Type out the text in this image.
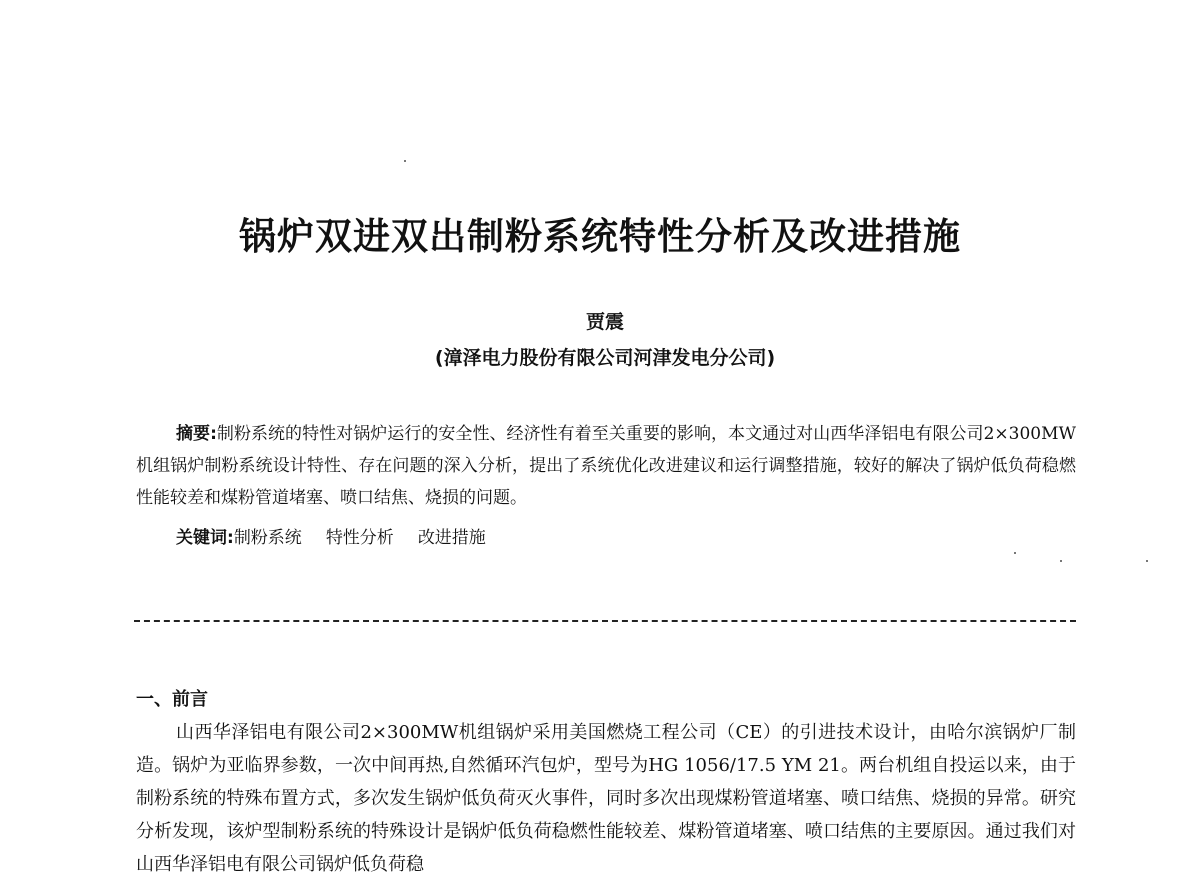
锅炉双进双出制粉系统特性分析及改进措施
贾震
(漳泽电力股份有限公司河津发电分公司)

摘要:制粉系统的特性对锅炉运行的安全性、经济性有着至关重要的影响，本文通过对山西华泽铝电有限公司2×300MW机组锅炉制粉系统设计特性、存在问题的深入分析，提出了系统优化改进建议和运行调整措施，较好的解决了锅炉低负荷稳燃性能较差和煤粉管道堵塞、喷口结焦、烧损的问题。

关键词:制粉系统 特性分析 改进措施

一、前言

山西华泽铝电有限公司2×300MW机组锅炉采用美国燃烧工程公司（CE）的引进技术设计，由哈尔滨锅炉厂制造。锅炉为亚临界参数，一次中间再热,自然循环汽包炉，型号为HG 1056/17.5 YM 21。两台机组自投运以来，由于制粉系统的特殊布置方式，多次发生锅炉低负荷灭火事件，同时多次出现煤粉管道堵塞、喷口结焦、烧损的异常。研究分析发现，该炉型制粉系统的特殊设计是锅炉低负荷稳燃性能较差、煤粉管道堵塞、喷口结焦的主要原因。通过我们对山西华泽铝电有限公司锅炉低负荷稳
